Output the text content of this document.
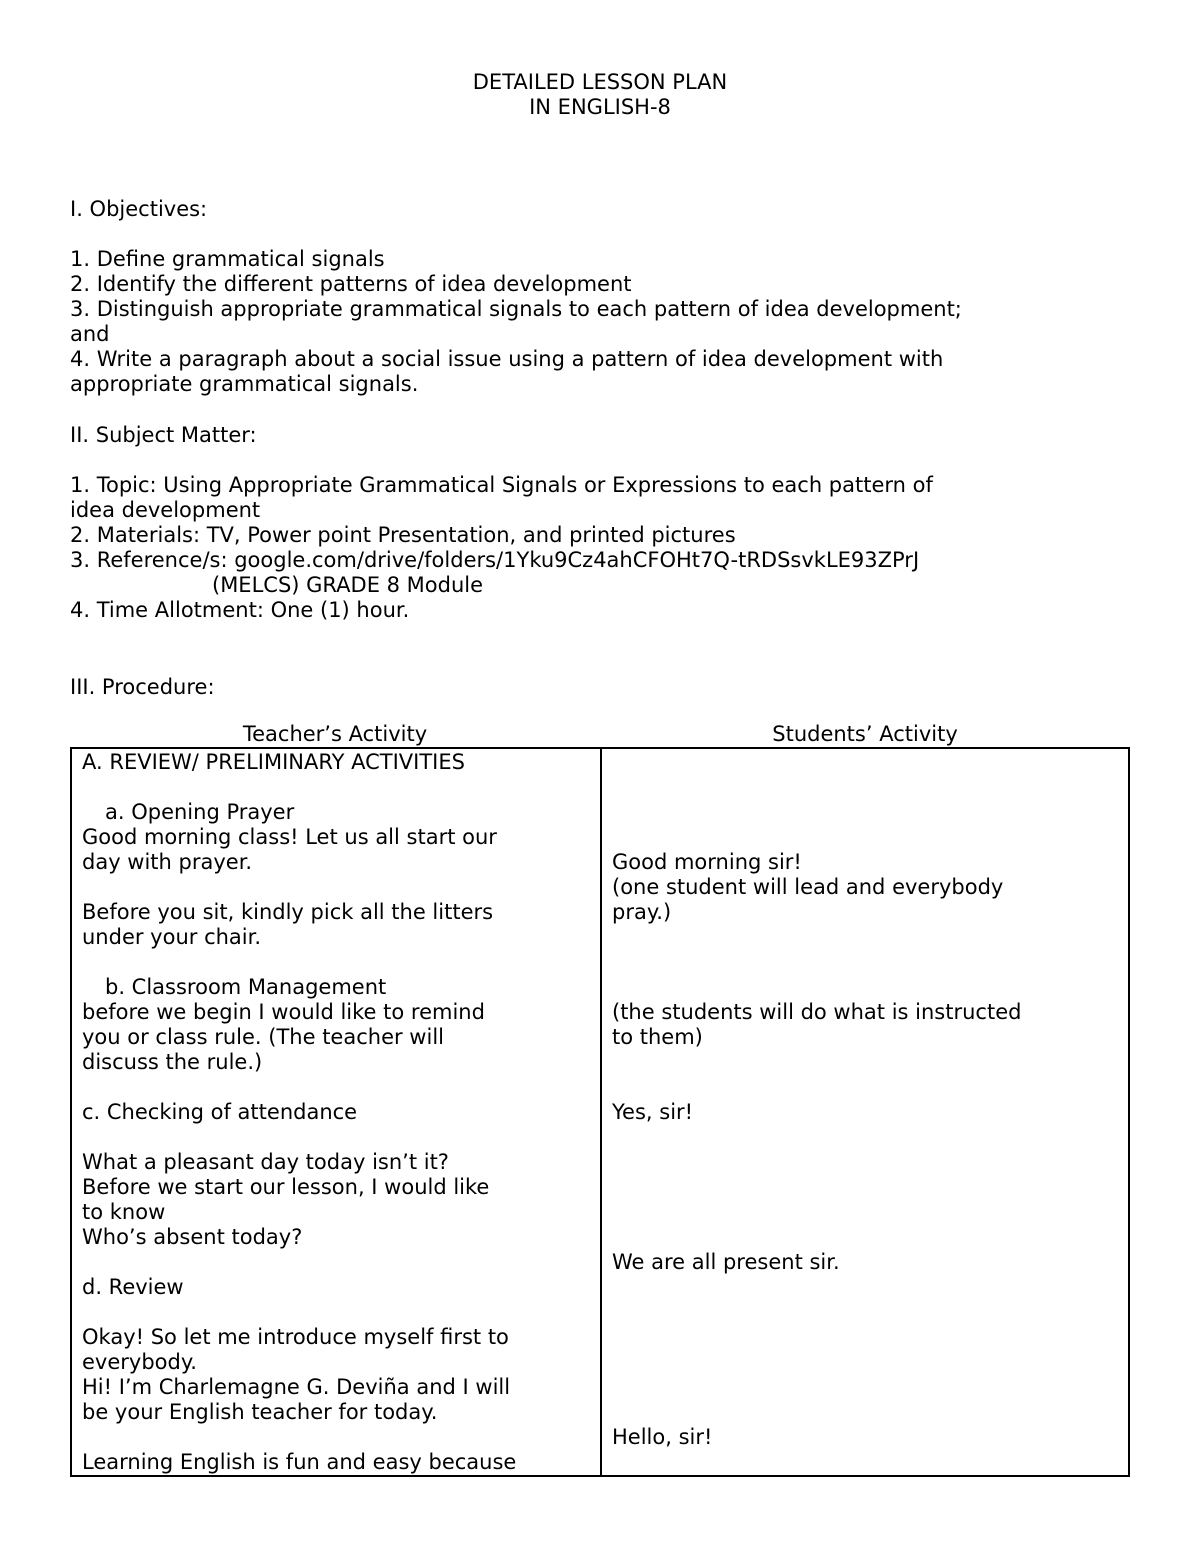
DETAILED LESSON PLAN
IN ENGLISH-8
I. Objectives:
1. Define grammatical signals
2. Identify the different patterns of idea development
3. Distinguish appropriate grammatical signals to each pattern of idea development;
and
4. Write a paragraph about a social issue using a pattern of idea development with
appropriate grammatical signals.
II. Subject Matter:
1. Topic: Using Appropriate Grammatical Signals or Expressions to each pattern of
idea development
2. Materials: TV, Power point Presentation, and printed pictures
3. Reference/s: google.com/drive/folders/1Yku9Cz4ahCFOHt7Q-tRDSsvkLE93ZPrJ
(MELCS) GRADE 8 Module
4. Time Allotment: One (1) hour.
III. Procedure:
Teacher’s Activity	Students’ Activity
A. REVIEW/ PRELIMINARY ACTIVITIES
a. Opening Prayer
Good morning class! Let us all start our
day with prayer.
Before you sit, kindly pick all the litters
under your chair.
b. Classroom Management
before we begin I would like to remind
you or class rule. (The teacher will
discuss the rule.)
c. Checking of attendance
What a pleasant day today isn’t it?
Before we start our lesson, I would like
to know
Who’s absent today?
d. Review
Okay! So let me introduce myself first to
everybody.
Hi! I’m Charlemagne G. Deviña and I will
be your English teacher for today.
Learning English is fun and easy because
Good morning sir!
(one student will lead and everybody
pray.)
(the students will do what is instructed
to them)
Yes, sir!
We are all present sir.
Hello, sir!
